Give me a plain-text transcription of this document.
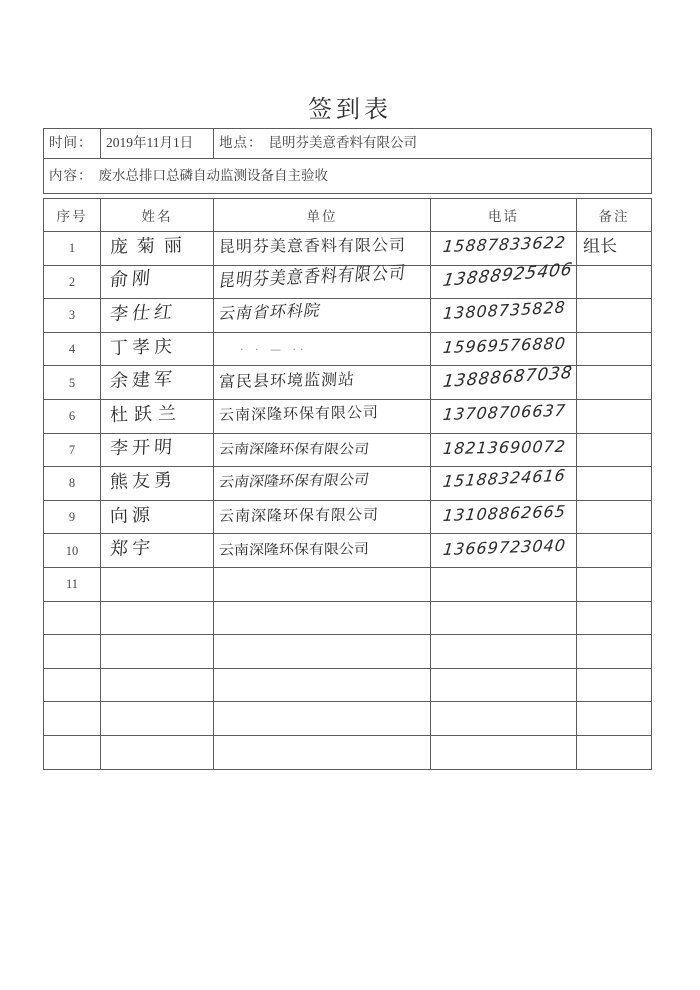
签到表
时间：	2019年11月1日	地点： 昆明芬美意香料有限公司
内容： 废水总排口总磷自动监测设备自主验收
序号	姓名	单位	电话	备注
1	庞菊丽	昆明芬美意香料有限公司	15887833622	组长
2	俞刚	昆明芬美意香料有限公司	13888925406	
3	李仕红	云南省环科院	13808735828	
4	丁孝庆	· · — ··	15969576880	
5	余建军	富民县环境监测站	13888687038	
6	杜跃兰	云南深隆环保有限公司	13708706637	
7	李开明	云南深隆环保有限公司	18213690072	
8	熊友勇	云南深隆环保有限公司	15188324616	
9	向源	云南深隆环保有限公司	13108862665	
10	郑宇	云南深隆环保有限公司	13669723040	
11				
